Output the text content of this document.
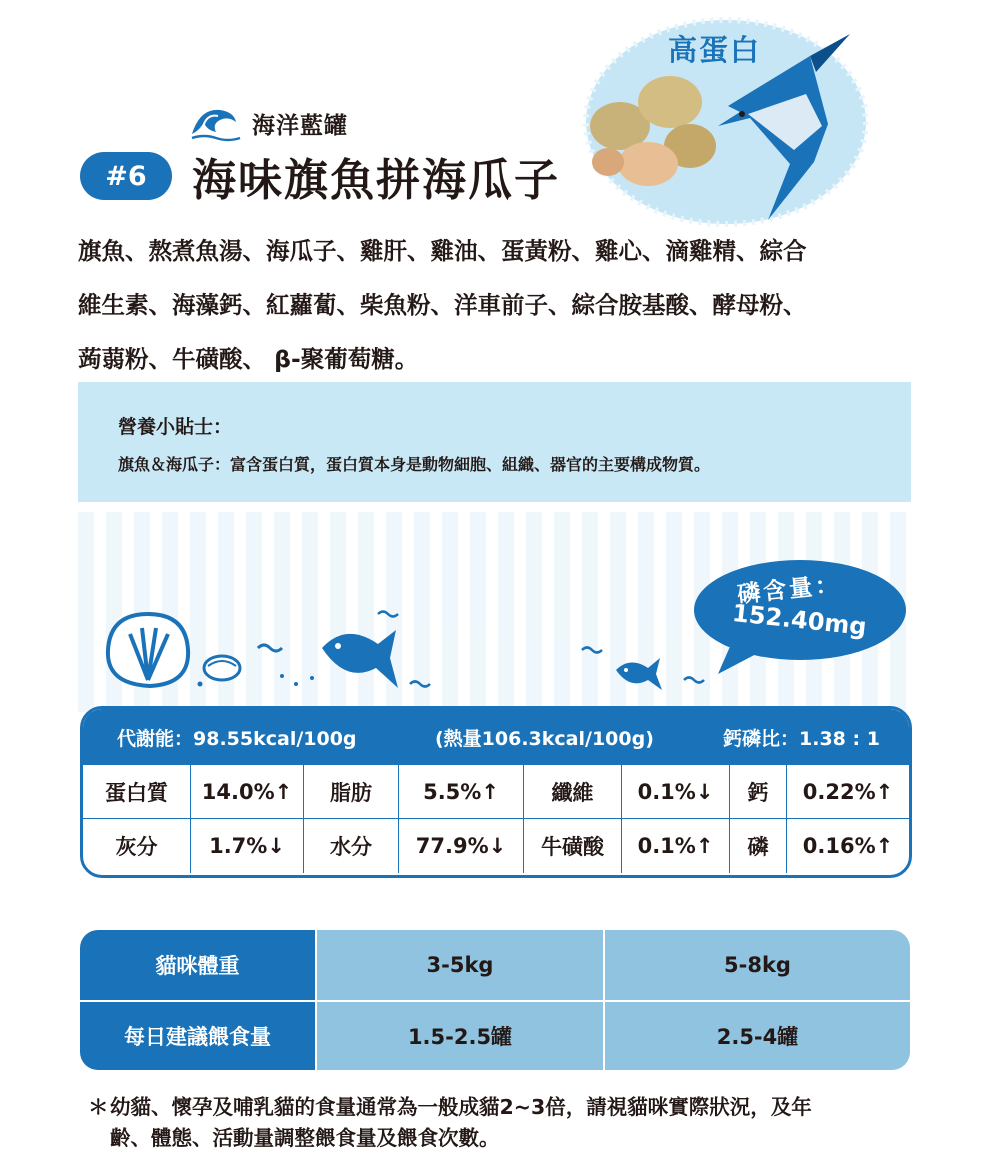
海洋藍罐
#6	海味旗魚拼海瓜子
高蛋白
旗魚、熬煮魚湯、海瓜子、雞肝、雞油、蛋黃粉、雞心、滴雞精、綜合
維生素、海藻鈣、紅蘿蔔、柴魚粉、洋車前子、綜合胺基酸、酵母粉、
蒟蒻粉、牛磺酸、 β-聚葡萄糖。
營養小貼士：
旗魚＆海瓜子：富含蛋白質，蛋白質本身是動物細胞、組織、器官的主要構成物質。
磷含量：
152.40mg
/100kcal
代謝能：98.55kcal/100g	(熱量106.3kcal/100g)	鈣磷比：1.38 : 1
蛋白質	14.0%↑	脂肪	5.5%↑	纖維	0.1%↓	鈣	0.22%↑
灰分	1.7%↓	水分	77.9%↓	牛磺酸	0.1%↑	磷	0.16%↑
貓咪體重	3-5kg	5-8kg
每日建議餵食量	1.5-2.5罐	2.5-4罐
＊幼貓、懷孕及哺乳貓的食量通常為一般成貓2~3倍，請視貓咪實際狀況，及年
齡、體態、活動量調整餵食量及餵食次數。
